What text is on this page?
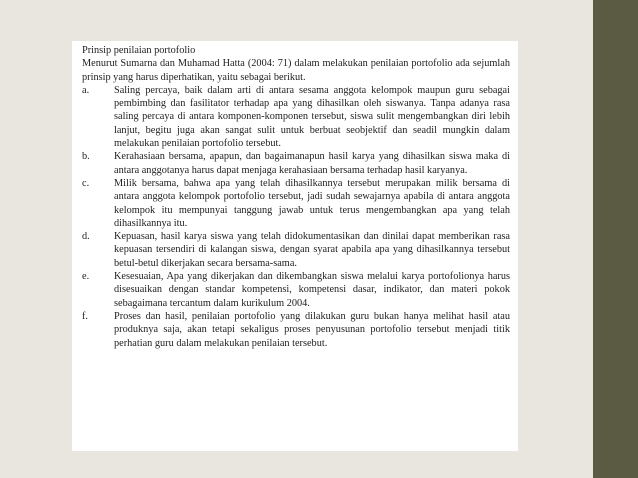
Prinsip penilaian portofolio
Menurut Sumarna dan Muhamad Hatta (2004: 71) dalam melakukan penilaian portofolio ada sejumlah prinsip yang harus diperhatikan, yaitu sebagai berikut.
a.	Saling percaya, baik dalam arti di antara sesama anggota kelompok maupun guru sebagai pembimbing dan fasilitator terhadap apa yang dihasilkan oleh siswanya. Tanpa adanya rasa saling percaya di antara komponen-komponen tersebut, siswa sulit mengembangkan diri lebih lanjut, begitu juga akan sangat sulit untuk berbuat seobjektif dan seadil mungkin dalam melakukan penilaian portofolio tersebut.
b.	Kerahasiaan bersama, apapun, dan bagaimanapun hasil karya yang dihasilkan siswa maka di antara anggotanya harus dapat menjaga kerahasiaan bersama terhadap hasil karyanya.
c.	Milik bersama, bahwa apa yang telah dihasilkannya tersebut merupakan milik bersama di antara anggota kelompok portofolio tersebut, jadi sudah sewajarnya apabila di antara anggota kelompok itu mempunyai tanggung jawab untuk terus mengembangkan apa yang telah dihasilkannya itu.
d.	Kepuasan, hasil karya siswa yang telah didokumentasikan dan dinilai dapat memberikan rasa kepuasan tersendiri di kalangan siswa, dengan syarat apabila apa yang dihasilkannya tersebut betul-betul dikerjakan secara bersama-sama.
e.	Kesesuaian, Apa yang dikerjakan dan dikembangkan siswa melalui karya portofolionya harus disesuaikan dengan standar kompetensi, kompetensi dasar, indikator, dan materi pokok sebagaimana tercantum dalam kurikulum 2004.
f.	Proses dan hasil, penilaian portofolio yang dilakukan guru bukan hanya melihat hasil atau produknya saja, akan tetapi sekaligus proses penyusunan portofolio tersebut menjadi titik perhatian guru dalam melakukan penilaian tersebut.
